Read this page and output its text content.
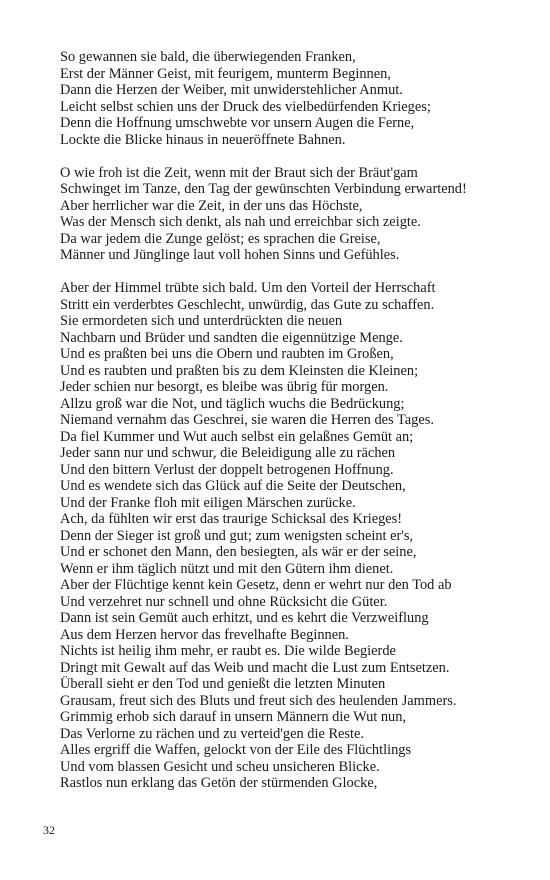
So gewannen sie bald, die überwiegenden Franken,
Erst der Männer Geist, mit feurigem, munterm Beginnen,
Dann die Herzen der Weiber, mit unwiderstehlicher Anmut.
Leicht selbst schien uns der Druck des vielbedürfenden Krieges;
Denn die Hoffnung umschwebte vor unsern Augen die Ferne,
Lockte die Blicke hinaus in neueröffnete Bahnen.
O wie froh ist die Zeit, wenn mit der Braut sich der Bräut'gam
Schwinget im Tanze, den Tag der gewünschten Verbindung erwartend!
Aber herrlicher war die Zeit, in der uns das Höchste,
Was der Mensch sich denkt, als nah und erreichbar sich zeigte.
Da war jedem die Zunge gelöst; es sprachen die Greise,
Männer und Jünglinge laut voll hohen Sinns und Gefühles.
Aber der Himmel trübte sich bald. Um den Vorteil der Herrschaft
Stritt ein verderbtes Geschlecht, unwürdig, das Gute zu schaffen.
Sie ermordeten sich und unterdrückten die neuen
Nachbarn und Brüder und sandten die eigennützige Menge.
Und es praßten bei uns die Obern und raubten im Großen,
Und es raubten und praßten bis zu dem Kleinsten die Kleinen;
Jeder schien nur besorgt, es bleibe was übrig für morgen.
Allzu groß war die Not, und täglich wuchs die Bedrückung;
Niemand vernahm das Geschrei, sie waren die Herren des Tages.
Da fiel Kummer und Wut auch selbst ein gelaßnes Gemüt an;
Jeder sann nur und schwur, die Beleidigung alle zu rächen
Und den bittern Verlust der doppelt betrogenen Hoffnung.
Und es wendete sich das Glück auf die Seite der Deutschen,
Und der Franke floh mit eiligen Märschen zurücke.
Ach, da fühlten wir erst das traurige Schicksal des Krieges!
Denn der Sieger ist groß und gut; zum wenigsten scheint er's,
Und er schonet den Mann, den besiegten, als wär er der seine,
Wenn er ihm täglich nützt und mit den Gütern ihm dienet.
Aber der Flüchtige kennt kein Gesetz, denn er wehrt nur den Tod ab
Und verzehret nur schnell und ohne Rücksicht die Güter.
Dann ist sein Gemüt auch erhitzt, und es kehrt die Verzweiflung
Aus dem Herzen hervor das frevelhafte Beginnen.
Nichts ist heilig ihm mehr, er raubt es. Die wilde Begierde
Dringt mit Gewalt auf das Weib und macht die Lust zum Entsetzen.
Überall sieht er den Tod und genießt die letzten Minuten
Grausam, freut sich des Bluts und freut sich des heulenden Jammers.
Grimmig erhob sich darauf in unsern Männern die Wut nun,
Das Verlorne zu rächen und zu verteid'gen die Reste.
Alles ergriff die Waffen, gelockt von der Eile des Flüchtlings
Und vom blassen Gesicht und scheu unsicheren Blicke.
Rastlos nun erklang das Getön der stürmenden Glocke,
32
